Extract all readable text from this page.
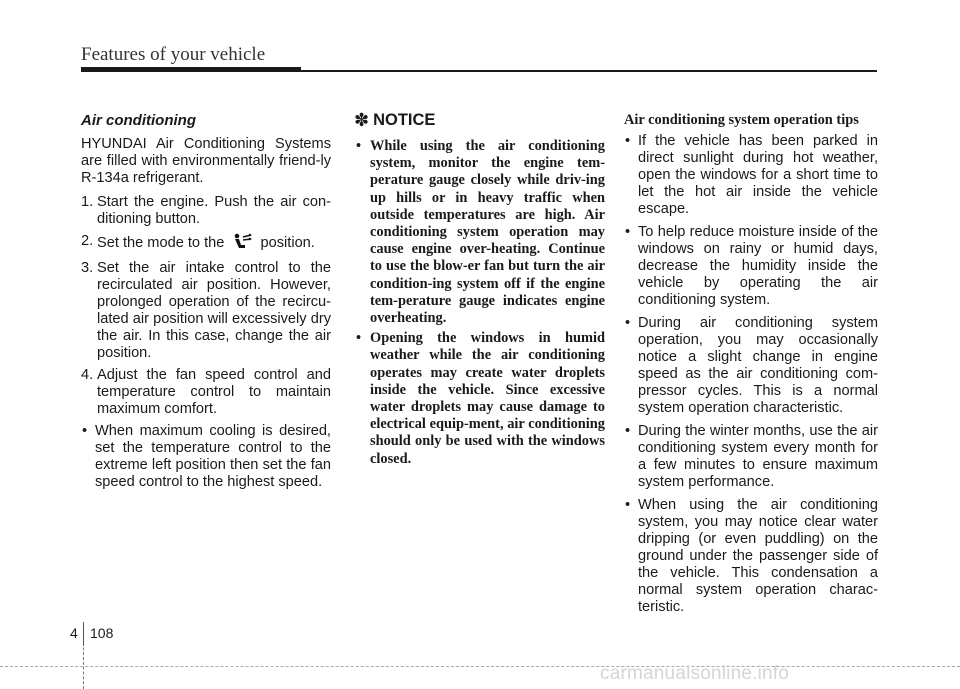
Features of your vehicle
Air conditioning

HYUNDAI Air Conditioning Systems are filled with environmentally friend-ly R-134a refrigerant.

1. Start the engine. Push the air con-ditioning button.
2. Set the mode to the position.
3. Set the air intake control to the recirculated air position. However, prolonged operation of the recircu-lated air position will excessively dry the air. In this case, change the air position.
4. Adjust the fan speed control and temperature control to maintain maximum comfort.
• When maximum cooling is desired, set the temperature control to the extreme left position then set the fan speed control to the highest speed.
✽ NOTICE
• While using the air conditioning system, monitor the engine tem-perature gauge closely while driv-ing up hills or in heavy traffic when outside temperatures are high. Air conditioning system operation may cause engine over-heating. Continue to use the blow-er fan but turn the air condition-ing system off if the engine tem-perature gauge indicates engine overheating.
• Opening the windows in humid weather while the air conditioning operates may create water droplets inside the vehicle. Since excessive water droplets may cause damage to electrical equip-ment, air conditioning should only be used with the windows closed.
Air conditioning system operation tips
• If the vehicle has been parked in direct sunlight during hot weather, open the windows for a short time to let the hot air inside the vehicle escape.
• To help reduce moisture inside of the windows on rainy or humid days, decrease the humidity inside the vehicle by operating the air conditioning system.
• During air conditioning system operation, you may occasionally notice a slight change in engine speed as the air conditioning com-pressor cycles. This is a normal system operation characteristic.
• During the winter months, use the air conditioning system every month for a few minutes to ensure maximum system performance.
• When using the air conditioning system, you may notice clear water dripping (or even puddling) on the ground under the passenger side of the vehicle. This condensation a normal system operation charac-teristic.
4 108
carmanualsonline.info
